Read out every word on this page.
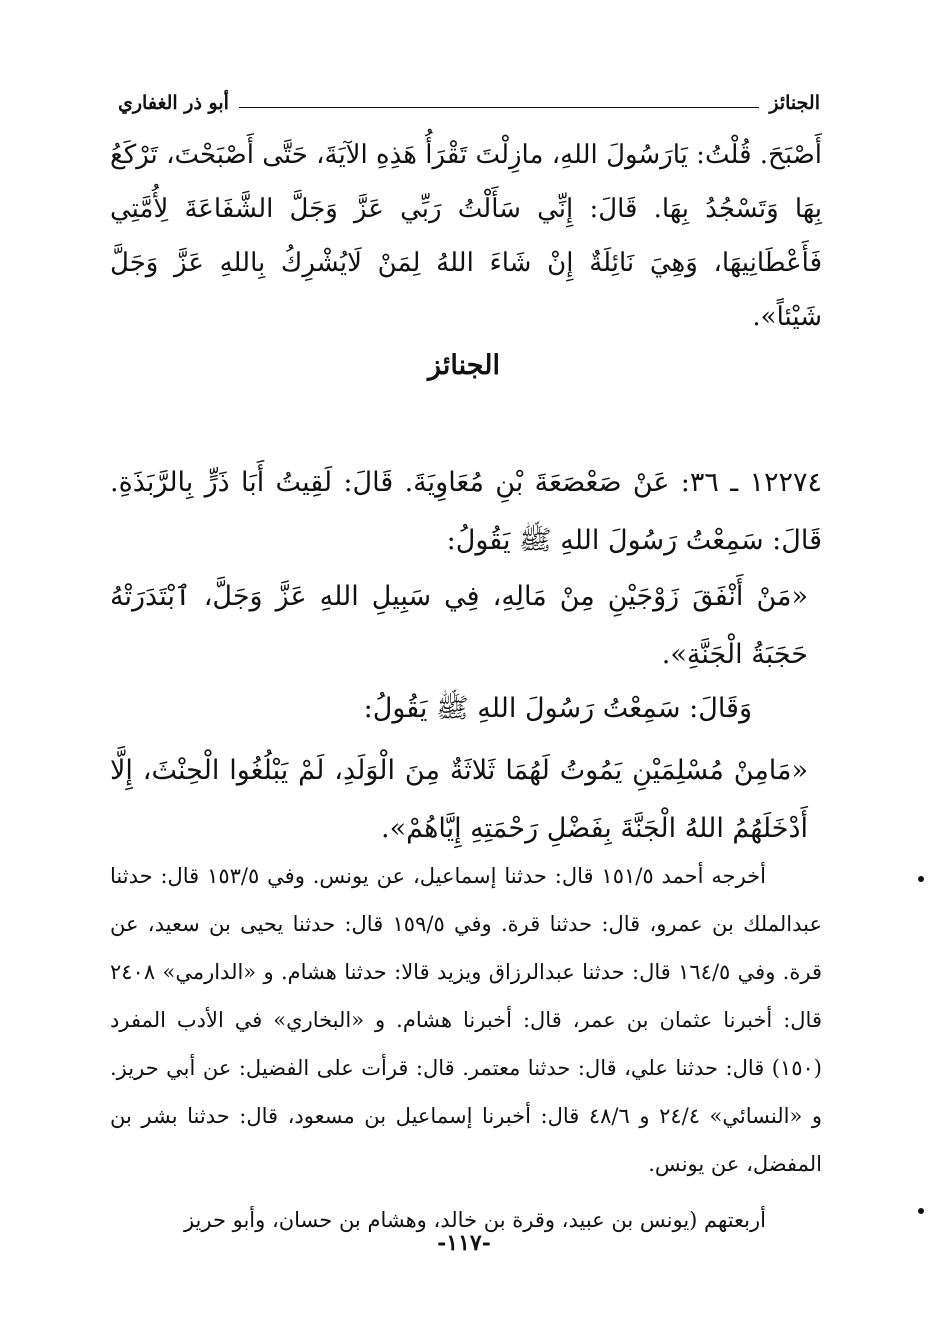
الجنائز
أبو ذر الغفاري
أَصْبَحَ. قُلْتُ: يَارَسُولَ اللهِ، مازِلْتَ تَقْرَأُ هَذِهِ الآيَةَ، حَتَّى أَصْبَحْتَ، تَرْكَعُ بِهَا وَتَسْجُدُ بِهَا. قَالَ: إِنِّي سَأَلْتُ رَبِّي عَزَّ وَجَلَّ الشَّفَاعَةَ لِأُمَّتِي فَأَعْطَانِيهَا، وَهِيَ نَائِلَةٌ إِنْ شَاءَ اللهُ لِمَنْ لَايُشْرِكُ بِاللهِ عَزَّ وَجَلَّ شَيْئاً».
الجنائز
١٢٢٧٤ ـ ٣٦: عَنْ صَعْصَعَةَ بْنِ مُعَاوِيَةَ. قَالَ: لَقِيتُ أَبَا ذَرٍّ بِالرَّبَذَةِ. قَالَ: سَمِعْتُ رَسُولَ اللهِ ﷺ يَقُولُ:
«مَنْ أَنْفَقَ زَوْجَيْنِ مِنْ مَالِهِ، فِي سَبِيلِ اللهِ عَزَّ وَجَلَّ، ٱبْتَدَرَتْهُ حَجَبَةُ الْجَنَّةِ».
وَقَالَ: سَمِعْتُ رَسُولَ اللهِ ﷺ يَقُولُ:
«مَامِنْ مُسْلِمَيْنِ يَمُوتُ لَهُمَا ثَلاثَةٌ مِنَ الْوَلَدِ، لَمْ يَبْلُغُوا الْحِنْثَ، إِلَّا أَدْخَلَهُمُ اللهُ الْجَنَّةَ بِفَضْلِ رَحْمَتِهِ إِيَّاهُمْ».

أخرجه أحمد ١٥١/٥ قال: حدثنا إسماعيل، عن يونس. وفي ١٥٣/٥ قال: حدثنا عبدالملك بن عمرو، قال: حدثنا قرة. وفي ١٥٩/٥ قال: حدثنا يحيى بن سعيد، عن قرة. وفي ١٦٤/٥ قال: حدثنا عبدالرزاق ويزيد قالا: حدثنا هشام. و «الدارمي» ٢٤٠٨ قال: أخبرنا عثمان بن عمر، قال: أخبرنا هشام. و «البخاري» في الأدب المفرد (١٥٠) قال: حدثنا علي، قال: حدثنا معتمر. قال: قرأت على الفضيل: عن أبي حريز. و «النسائي» ٢٤/٤ و ٤٨/٦ قال: أخبرنا إسماعيل بن مسعود، قال: حدثنا بشر بن المفضل، عن يونس.

أربعتهم (يونس بن عبيد، وقرة بن خالد، وهشام بن حسان، وأبو حريز

-١١٧-
